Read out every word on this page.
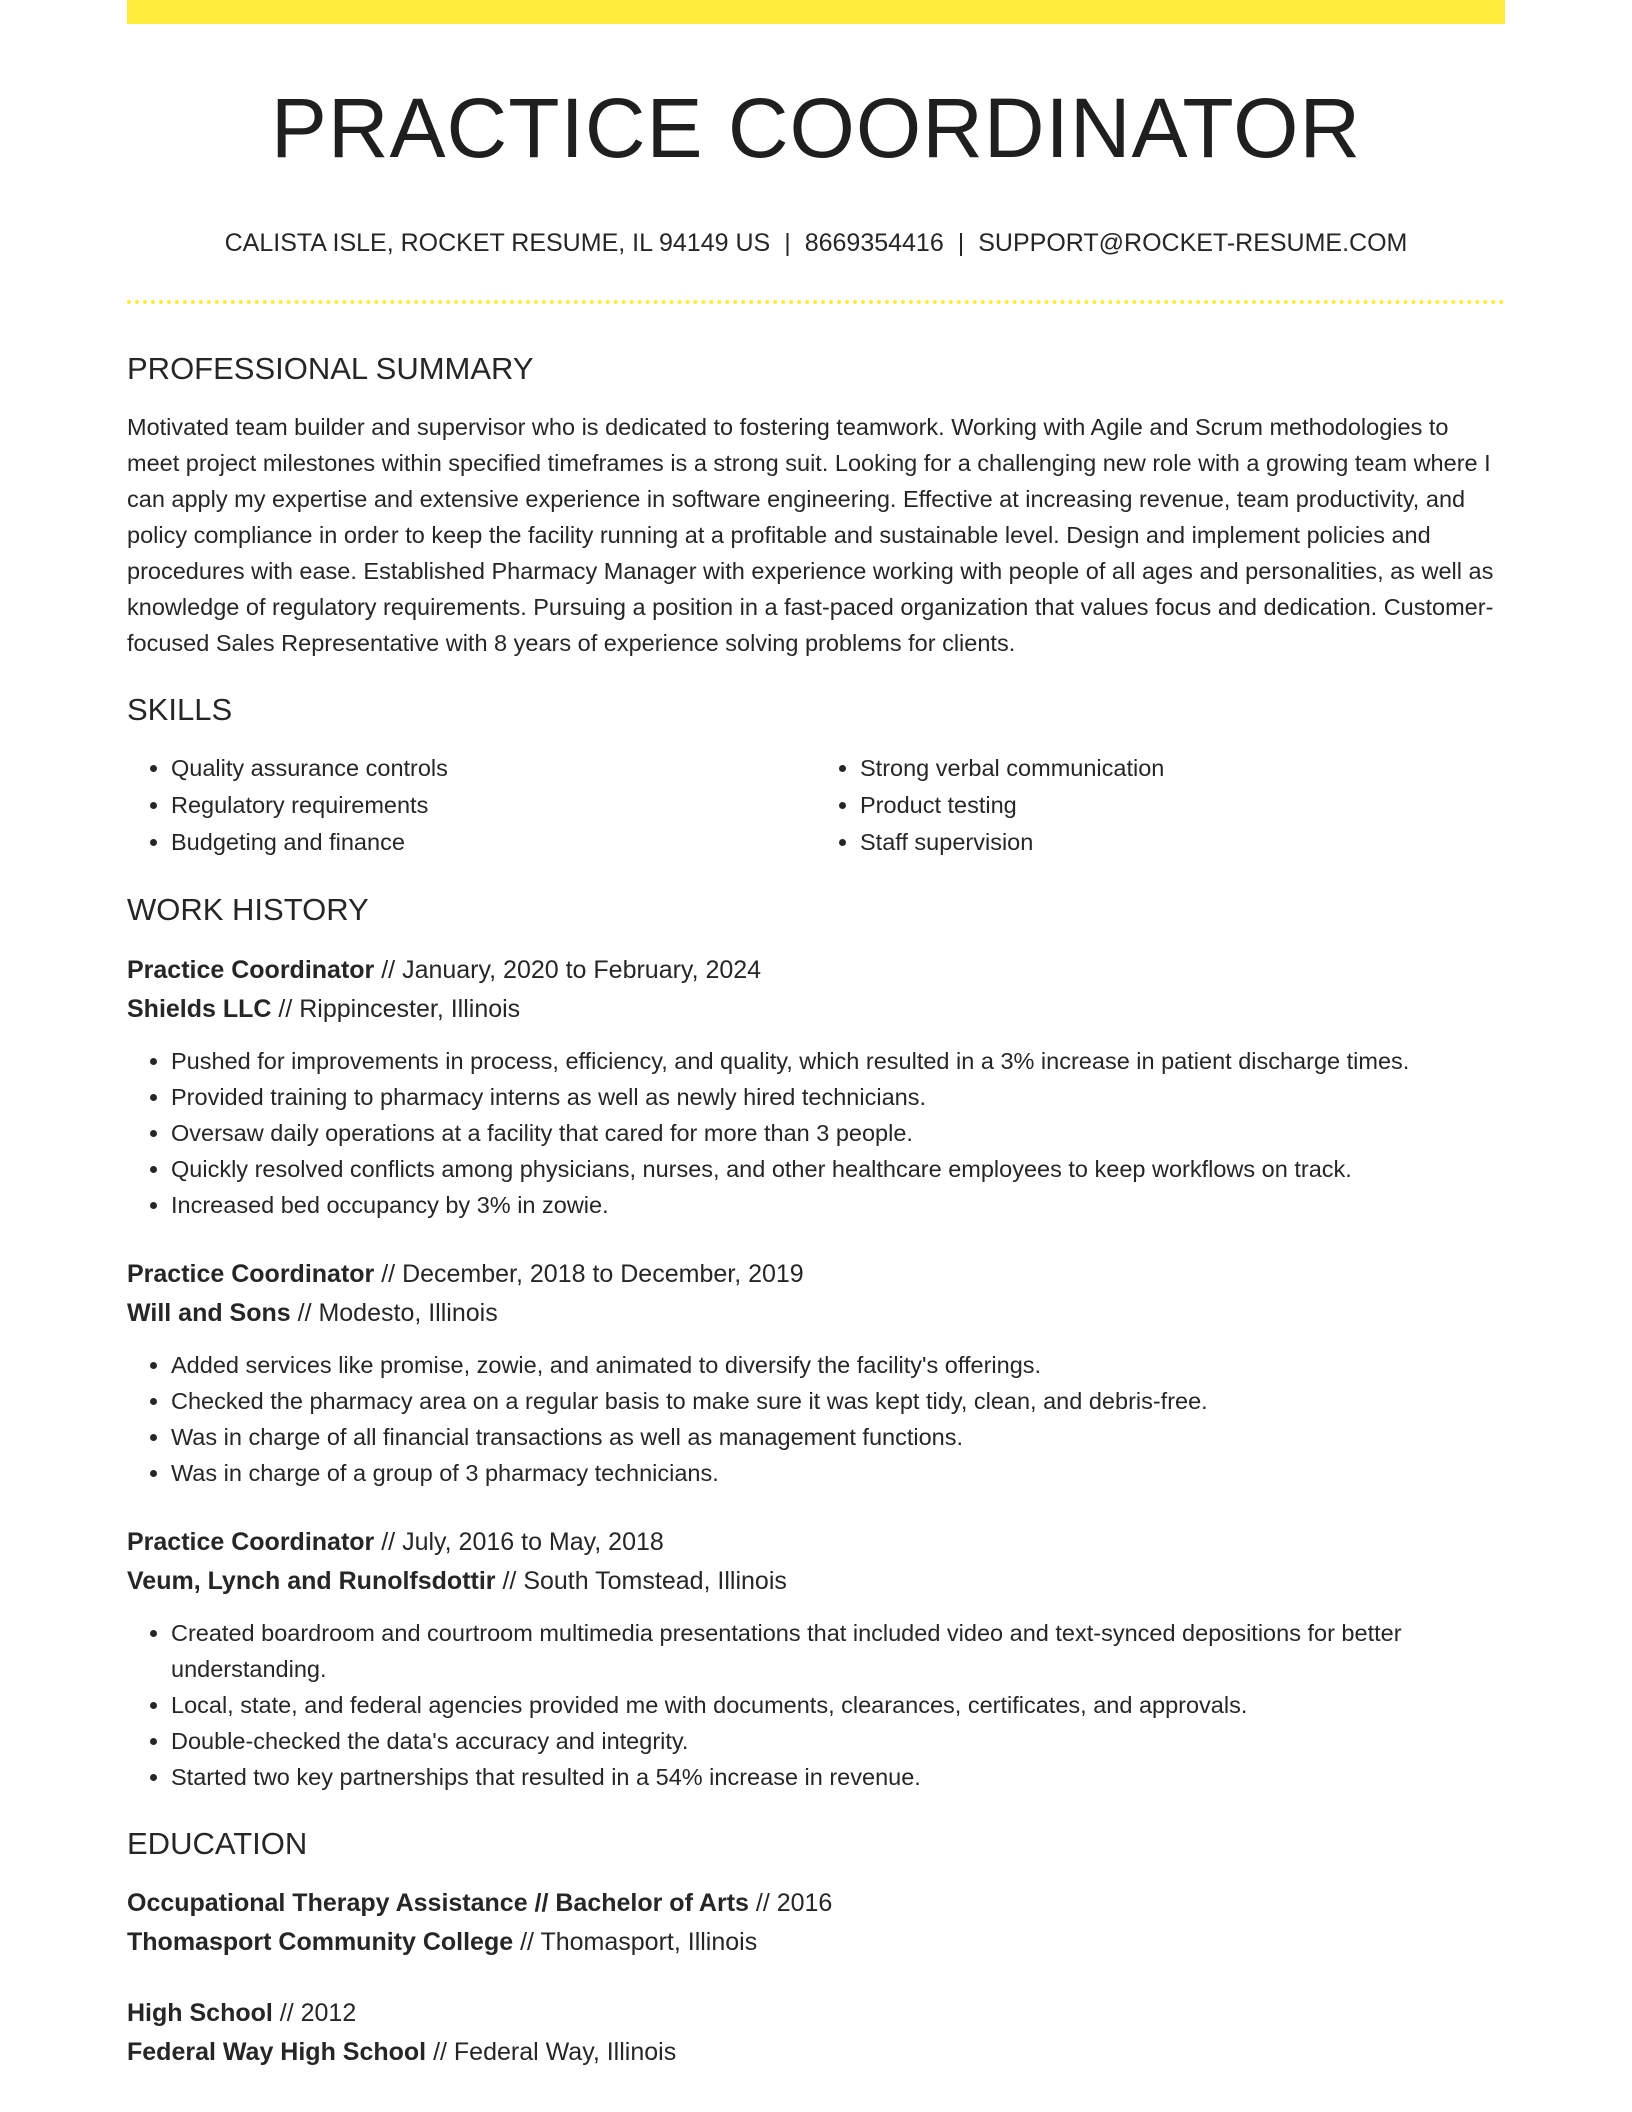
PRACTICE COORDINATOR
CALISTA ISLE, ROCKET RESUME, IL 94149 US | 8669354416 | SUPPORT@ROCKET-RESUME.COM
PROFESSIONAL SUMMARY

Motivated team builder and supervisor who is dedicated to fostering teamwork. Working with Agile and Scrum methodologies to meet project milestones within specified timeframes is a strong suit. Looking for a challenging new role with a growing team where I can apply my expertise and extensive experience in software engineering. Effective at increasing revenue, team productivity, and policy compliance in order to keep the facility running at a profitable and sustainable level. Design and implement policies and procedures with ease. Established Pharmacy Manager with experience working with people of all ages and personalities, as well as knowledge of regulatory requirements. Pursuing a position in a fast-paced organization that values focus and dedication. Customer-focused Sales Representative with 8 years of experience solving problems for clients.

SKILLS
• Quality assurance controls
• Regulatory requirements
• Budgeting and finance
• Strong verbal communication
• Product testing
• Staff supervision
WORK HISTORY
Practice Coordinator // January, 2020 to February, 2024
Shields LLC // Rippincester, Illinois
• Pushed for improvements in process, efficiency, and quality, which resulted in a 3% increase in patient discharge times.
• Provided training to pharmacy interns as well as newly hired technicians.
• Oversaw daily operations at a facility that cared for more than 3 people.
• Quickly resolved conflicts among physicians, nurses, and other healthcare employees to keep workflows on track.
• Increased bed occupancy by 3% in zowie.
Practice Coordinator // December, 2018 to December, 2019
Will and Sons // Modesto, Illinois
• Added services like promise, zowie, and animated to diversify the facility's offerings.
• Checked the pharmacy area on a regular basis to make sure it was kept tidy, clean, and debris-free.
• Was in charge of all financial transactions as well as management functions.
• Was in charge of a group of 3 pharmacy technicians.
Practice Coordinator // July, 2016 to May, 2018
Veum, Lynch and Runolfsdottir // South Tomstead, Illinois
• Created boardroom and courtroom multimedia presentations that included video and text-synced depositions for better understanding.
• Local, state, and federal agencies provided me with documents, clearances, certificates, and approvals.
• Double-checked the data's accuracy and integrity.
• Started two key partnerships that resulted in a 54% increase in revenue.
EDUCATION
Occupational Therapy Assistance // Bachelor of Arts // 2016
Thomasport Community College // Thomasport, Illinois
High School // 2012
Federal Way High School // Federal Way, Illinois
